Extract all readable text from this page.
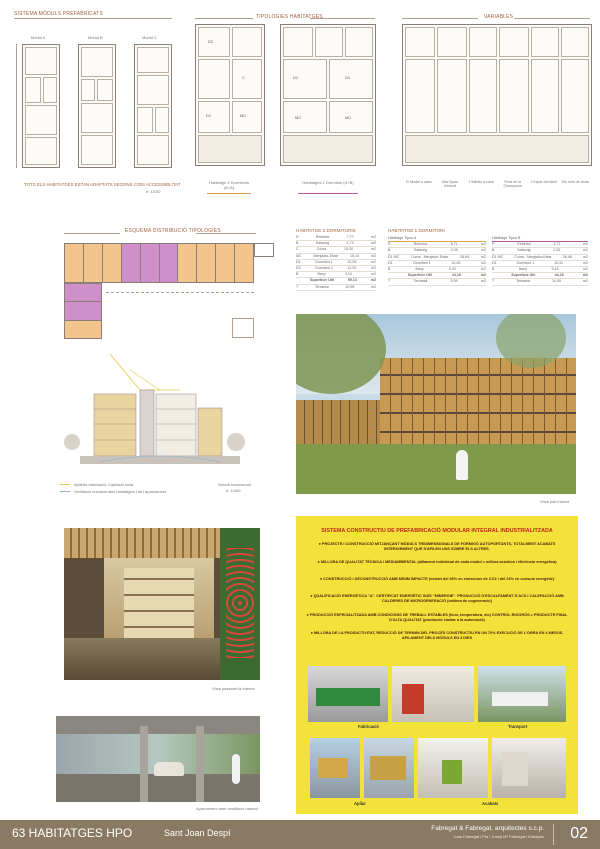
SISTEMA MÒDULS PREFABRICATS
Mòdul A	Mòdul B	Mòdul C
TOTS ELS HABITATGES ESTAN ADAPTATS SEGONS CODI ACCESSIBILITAT
e: 1/150
TIPOLOGIES HABITATGES
D2
C
D1	MC
D1	D1
MC	MC
Habitatge 2 Dormitoris (A+A)
Habitatges 1 Dormitori (A+B)
VARIABLES
El Model a casa	Alta Opció d'estudi
L'Infinite a casa	Final de la Champions
L'Espai dormitori	Els nets de visita
ESQUEMA DISTRIBUCIÓ TIPOLOGIES	HABITATGE 2 DORMITORIS
R	Rebedor	7,77	m2
B	Safareig	1,73	m2
C	Cuina	15,30	m2
MC	Menjador-Estar	15,14	m2
D1	Dormitori 1	10,05	m2
D2	Dormitori 2	12,00	m2
B	Bany	4,14	m2
Superfície Útil	59,13	m2
T	Terrassa	10,95	m2
HABITATGE 1 DORMITORI
Habitatge Tipus A
R	Rebedor	5,71	m2
B	Safareig	2,05	m2
D1 MC	Cuina - Menjador-Estar	26,64	m2
D1	Dormitori 1	10,05	m2
B	Bany	5,43	m2
Superfície Útil	44,18	m2
T	Terrassa	5,59	m2
Habitatge Tipus B
R	Rebedor	5,71	m2
B	Safareig	2,05	m2
D1 MC	Cuina - Menjador-Estar	26,48	m2
D1	Dormitori 1	10,02	m2
B	Bany	5,43	m2
Superfície Útil	44,28	m2
T	Terrassa	10,95	m2
Secció transversal
e: 1/400
Apilerts orientació: Captació solar
Ventilació creuada dels habitatges i de l'aparcament
Vista pati interior
Vista passarel·la interior
Aparcament amb ventilació natural
SISTEMA CONSTRUCTIU DE PREFABRICACIÓ MODULAR INTEGRAL INDUSTRIALITZADA
● PROJECTE I CONSTRUCCIÓ MITJANÇANT MÒDULS TRIDIMENSIONALS DE FORMIGÓ AUTOPORTANTS, TOTALMENT ACABATS INTERIORMENT QUE S'APILEN UNS SOBRE ELS ALTRES.
● MILLORA DE QUALITAT TÈCNICA I MEDIAMBIENTAL (aïllament individual de cada mòdul = millora acústica i eficiència energètica)
● CONSTRUCCIÓ I DECONSTRUCCIÓ AMB MÍNIM IMPACTE (estalvi del 30% en emissions de CO2 i del 24% en consum energètic)
● QUALIFICACIÓ ENERGÈTICA "A". CERTIFICAT ENERGÈTIC SUÍS "MINERGIE". PRODUCCIÓ D'ESCALFAMENT D'ACS I CALEFACCIÓ AMB CALDERES DE MICROGENERACIÓ (caldera de cogeneració)
● PRODUCCIÓ ESPECIALITZADA AMB CONDICIONS DE TREBALL ESTABLES (llum, temperatura, etc) CONTROL RIGORÓS = PRODUCTE FINAL D'ALTA QUALITAT (producció similar a la automoció)
● MILLORA DE LA PRODUCTIVITAT, REDUCCIÓ DE TERMINI DEL PROCÉS CONSTRUCTIU EN UN 70% EXECUCIÓ DE L'OBRA EN 4 MESOS. APILAMENT DELS MÒDULS EN 3 DIES
Fabricació	Transport
Apilar	Acabats
63 HABITATGES HPO	Sant Joan Despí	Fabregat & Fabregat, arquitectes s.c.p.
Joan Fabregat i Pla / Josep Mª Fabregat i Estrapés 02
